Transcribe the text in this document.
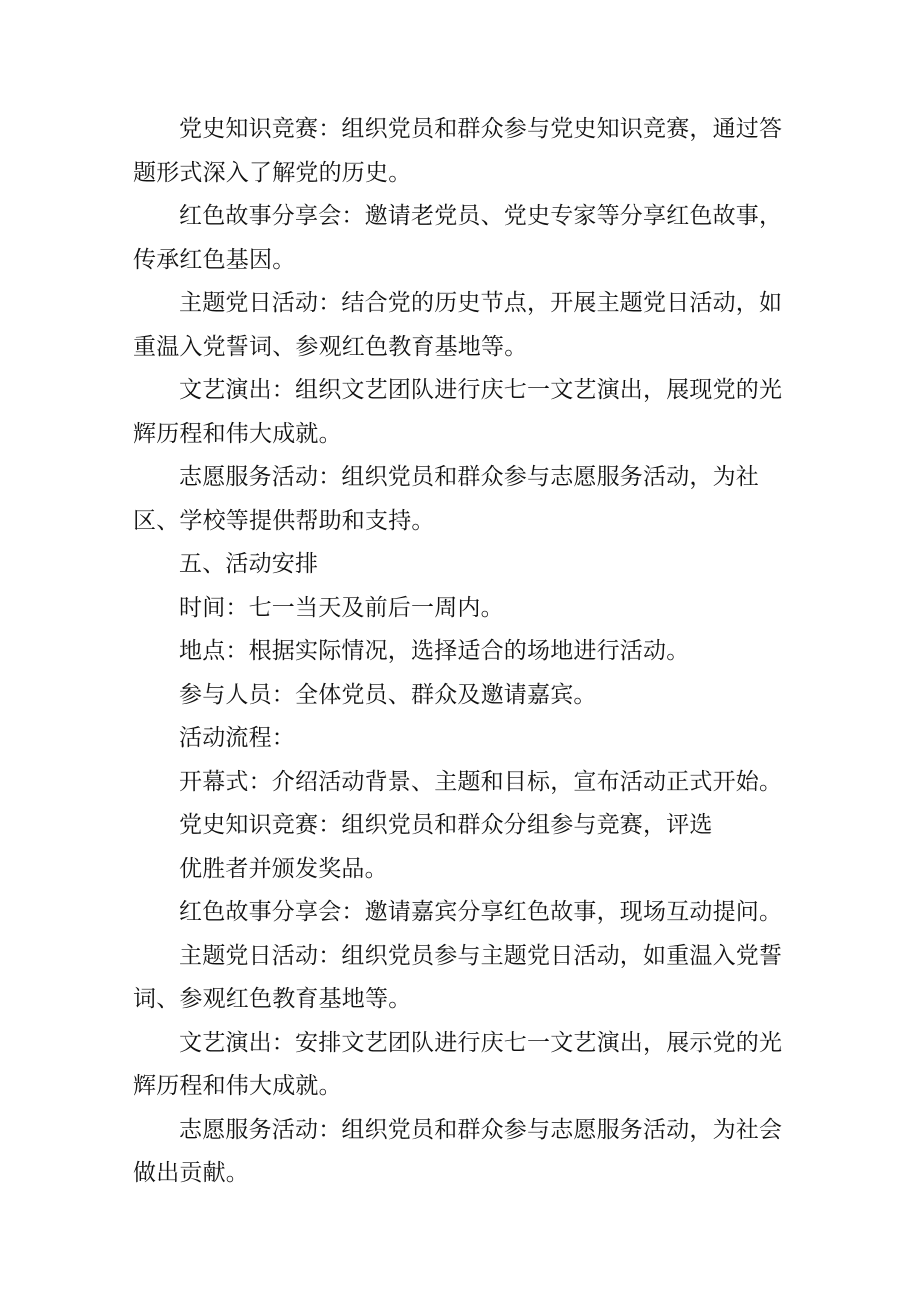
党史知识竞赛：组织党员和群众参与党史知识竞赛，通过答题形式深入了解党的历史。

红色故事分享会：邀请老党员、党史专家等分享红色故事，传承红色基因。

主题党日活动：结合党的历史节点，开展主题党日活动，如重温入党誓词、参观红色教育基地等。

文艺演出：组织文艺团队进行庆七一文艺演出，展现党的光辉历程和伟大成就。

志愿服务活动：组织党员和群众参与志愿服务活动，为社区、学校等提供帮助和支持。

五、活动安排

时间：七一当天及前后一周内。

地点：根据实际情况，选择适合的场地进行活动。

参与人员：全体党员、群众及邀请嘉宾。

活动流程：

开幕式：介绍活动背景、主题和目标，宣布活动正式开始。

党史知识竞赛：组织党员和群众分组参与竞赛，评选

优胜者并颁发奖品。

红色故事分享会：邀请嘉宾分享红色故事，现场互动提问。

主题党日活动：组织党员参与主题党日活动，如重温入党誓词、参观红色教育基地等。

文艺演出：安排文艺团队进行庆七一文艺演出，展示党的光辉历程和伟大成就。

志愿服务活动：组织党员和群众参与志愿服务活动，为社会做出贡献。
